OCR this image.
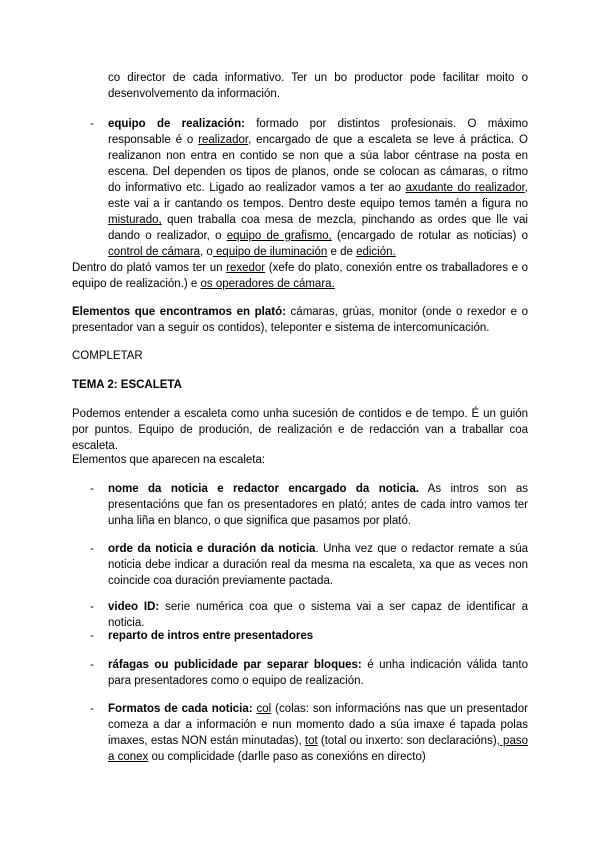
co director de cada informativo. Ter un bo productor pode facilitar moito o desenvolvemento da información.

- equipo de realización: formado por distintos profesionais. O máximo responsable é o realizador, encargado de que a escaleta se leve á práctica. O realizanon non entra en contido se non que a súa labor céntrase na posta en escena. Del dependen os tipos de planos, onde se colocan as cámaras, o ritmo do informativo etc. Ligado ao realizador vamos a ter ao axudante do realizador, este vai a ir cantando os tempos. Dentro deste equipo temos tamén a figura no misturado, quen traballa coa mesa de mezcla, pinchando as ordes que lle vai dando o realizador, o equipo de grafismo, (encargado de rotular as noticias) o control de cámara, o equipo de iluminación e de edición.

Dentro do plató vamos ter un rexedor (xefe do plato, conexión entre os traballadores e o equipo de realización.) e os operadores de cámara.

Elementos que encontramos en plató: cámaras, grúas, monitor (onde o rexedor e o presentador van a seguir os contidos), teleponter e sistema de intercomunicación.

COMPLETAR

TEMA 2: ESCALETA

Podemos entender a escaleta como unha sucesión de contidos e de tempo. É un guión por puntos. Equipo de produción, de realización e de redacción van a traballar coa escaleta.

Elementos que aparecen na escaleta:

- nome da noticia e redactor encargado da noticia. As intros son as presentacións que fan os presentadores en plató; antes de cada intro vamos ter unha liña en blanco, o que significa que pasamos por plató.

- orde da noticia e duración da noticia. Unha vez que o redactor remate a súa noticia debe indicar a duración real da mesma na escaleta, xa que as veces non coincide coa duración previamente pactada.

- video ID: serie numérica coa que o sistema vai a ser capaz de identificar a noticia.

- reparto de intros entre presentadores

- ráfagas ou publicidade par separar bloques: é unha indicación válida tanto para presentadores como o equipo de realización.

- Formatos de cada noticia: col (colas: son informacións nas que un presentador comeza a dar a información e nun momento dado a súa imaxe é tapada polas imaxes, estas NON están minutadas), tot (total ou inxerto: son declaracións), paso a conex ou complicidade (darlle paso as conexións en directo)
